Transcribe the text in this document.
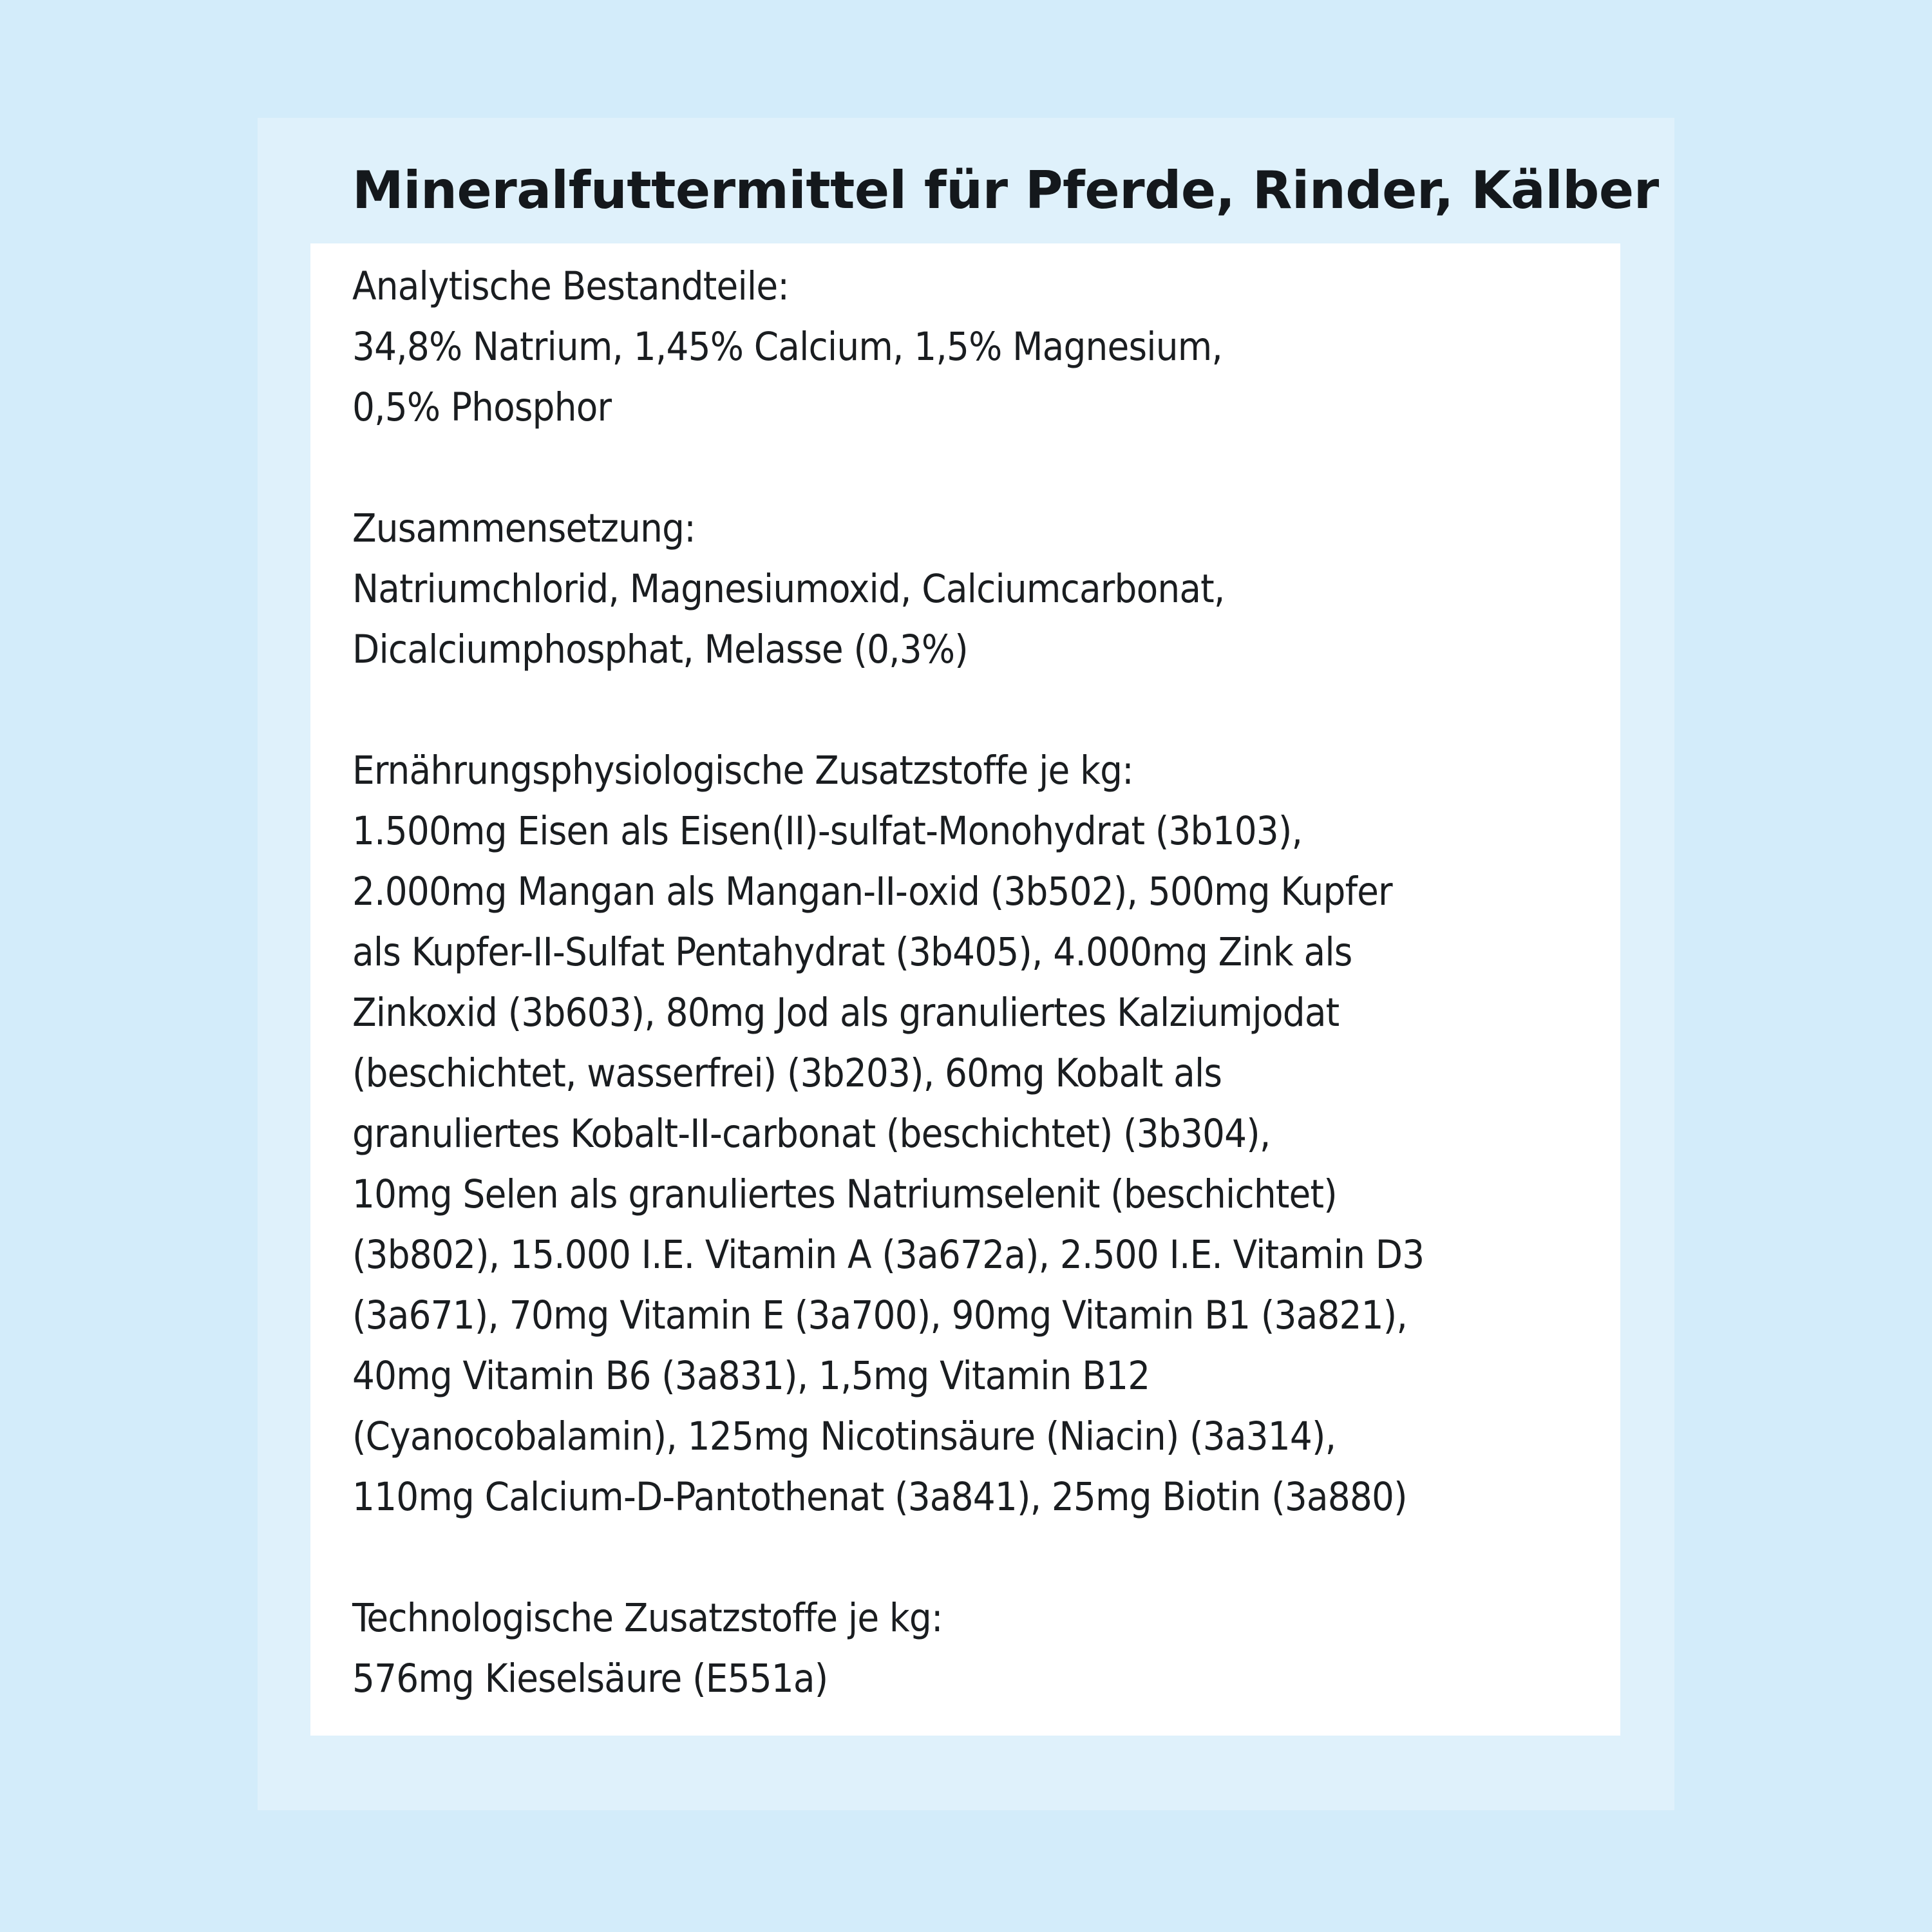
Mineralfuttermittel für Pferde, Rinder, Kälber
Analytische Bestandteile:
34,8% Natrium, 1,45% Calcium, 1,5% Magnesium,
0,5% Phosphor
Zusammensetzung:
Natriumchlorid, Magnesiumoxid, Calciumcarbonat,
Dicalciumphosphat, Melasse (0,3%)
Ernährungsphysiologische Zusatzstoffe je kg:
1.500mg Eisen als Eisen(II)-sulfat-Monohydrat (3b103),
2.000mg Mangan als Mangan-II-oxid (3b502), 500mg Kupfer
als Kupfer-II-Sulfat Pentahydrat (3b405), 4.000mg Zink als
Zinkoxid (3b603), 80mg Jod als granuliertes Kalziumjodat
(beschichtet, wasserfrei) (3b203), 60mg Kobalt als
granuliertes Kobalt-II-carbonat (beschichtet) (3b304),
10mg Selen als granuliertes Natriumselenit (beschichtet)
(3b802), 15.000 I.E. Vitamin A (3a672a), 2.500 I.E. Vitamin D3
(3a671), 70mg Vitamin E (3a700), 90mg Vitamin B1 (3a821),
40mg Vitamin B6 (3a831), 1,5mg Vitamin B12
(Cyanocobalamin), 125mg Nicotinsäure (Niacin) (3a314),
110mg Calcium-D-Pantothenat (3a841), 25mg Biotin (3a880)
Technologische Zusatzstoffe je kg:
576mg Kieselsäure (E551a)
